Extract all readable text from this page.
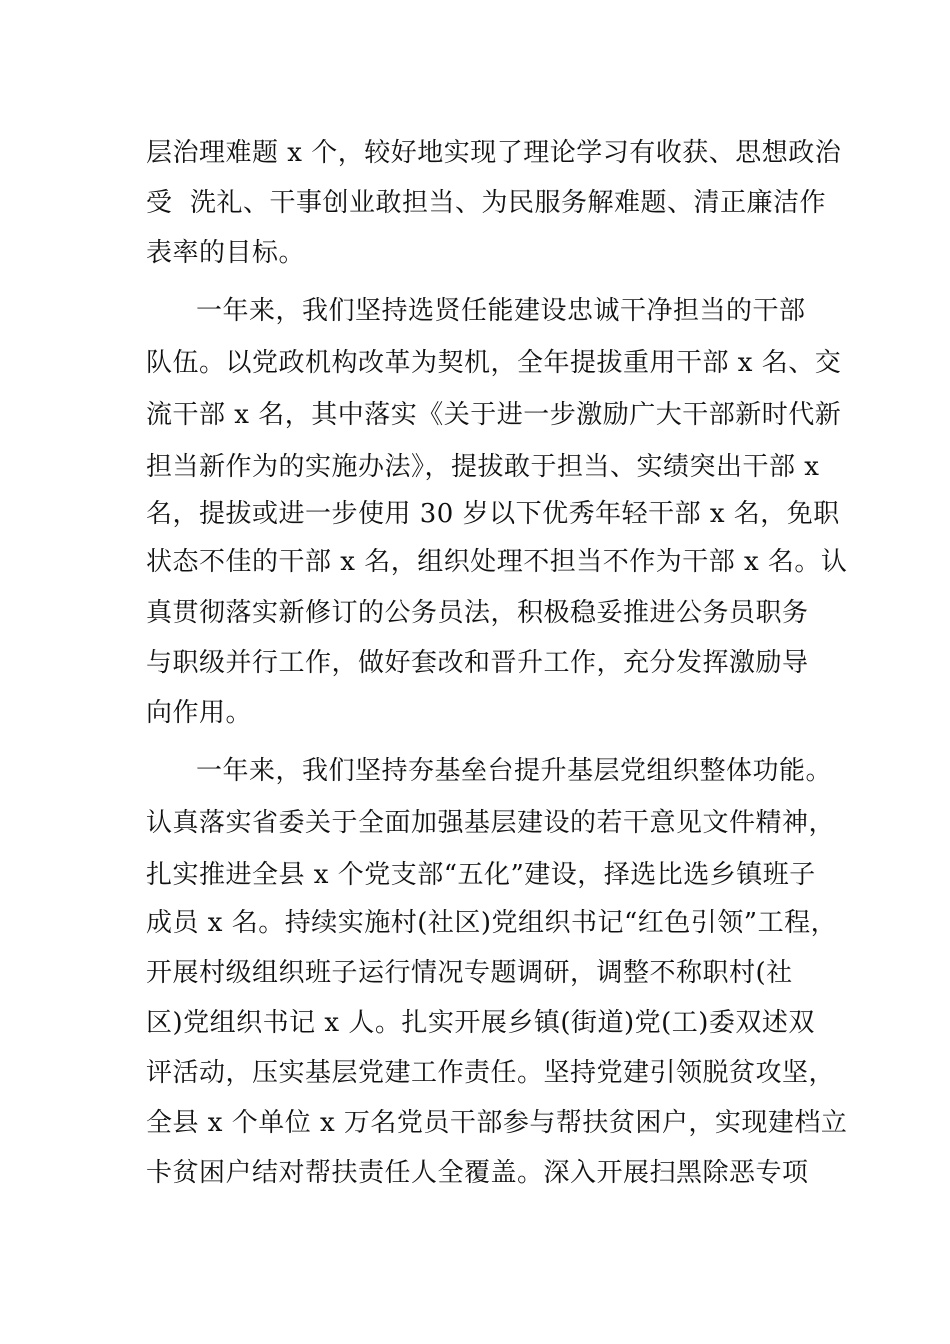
层治理难题 x 个，较好地实现了理论学习有收获、思想政治
受  洗礼、干事创业敢担当、为民服务解难题、清正廉洁作
表率的目标。
一年来，我们坚持选贤任能建设忠诚干净担当的干部
队伍。以党政机构改革为契机，全年提拔重用干部 x 名、交
流干部 x 名，其中落实《关于进一步激励广大干部新时代新
担当新作为的实施办法》，提拔敢于担当、实绩突出干部 x
名，提拔或进一步使用 30 岁以下优秀年轻干部 x 名，免职
状态不佳的干部 x 名，组织处理不担当不作为干部 x 名。认
真贯彻落实新修订的公务员法，积极稳妥推进公务员职务
与职级并行工作，做好套改和晋升工作，充分发挥激励导
向作用。
一年来，我们坚持夯基垒台提升基层党组织整体功能。
认真落实省委关于全面加强基层建设的若干意见文件精神，
扎实推进全县 x 个党支部“五化”建设，择选比选乡镇班子
成员 x 名。持续实施村(社区)党组织书记“红色引领”工程，
开展村级组织班子运行情况专题调研，调整不称职村(社
区)党组织书记 x 人。扎实开展乡镇(街道)党(工)委双述双
评活动，压实基层党建工作责任。坚持党建引领脱贫攻坚，
全县 x 个单位 x 万名党员干部参与帮扶贫困户，实现建档立
卡贫困户结对帮扶责任人全覆盖。深入开展扫黑除恶专项
